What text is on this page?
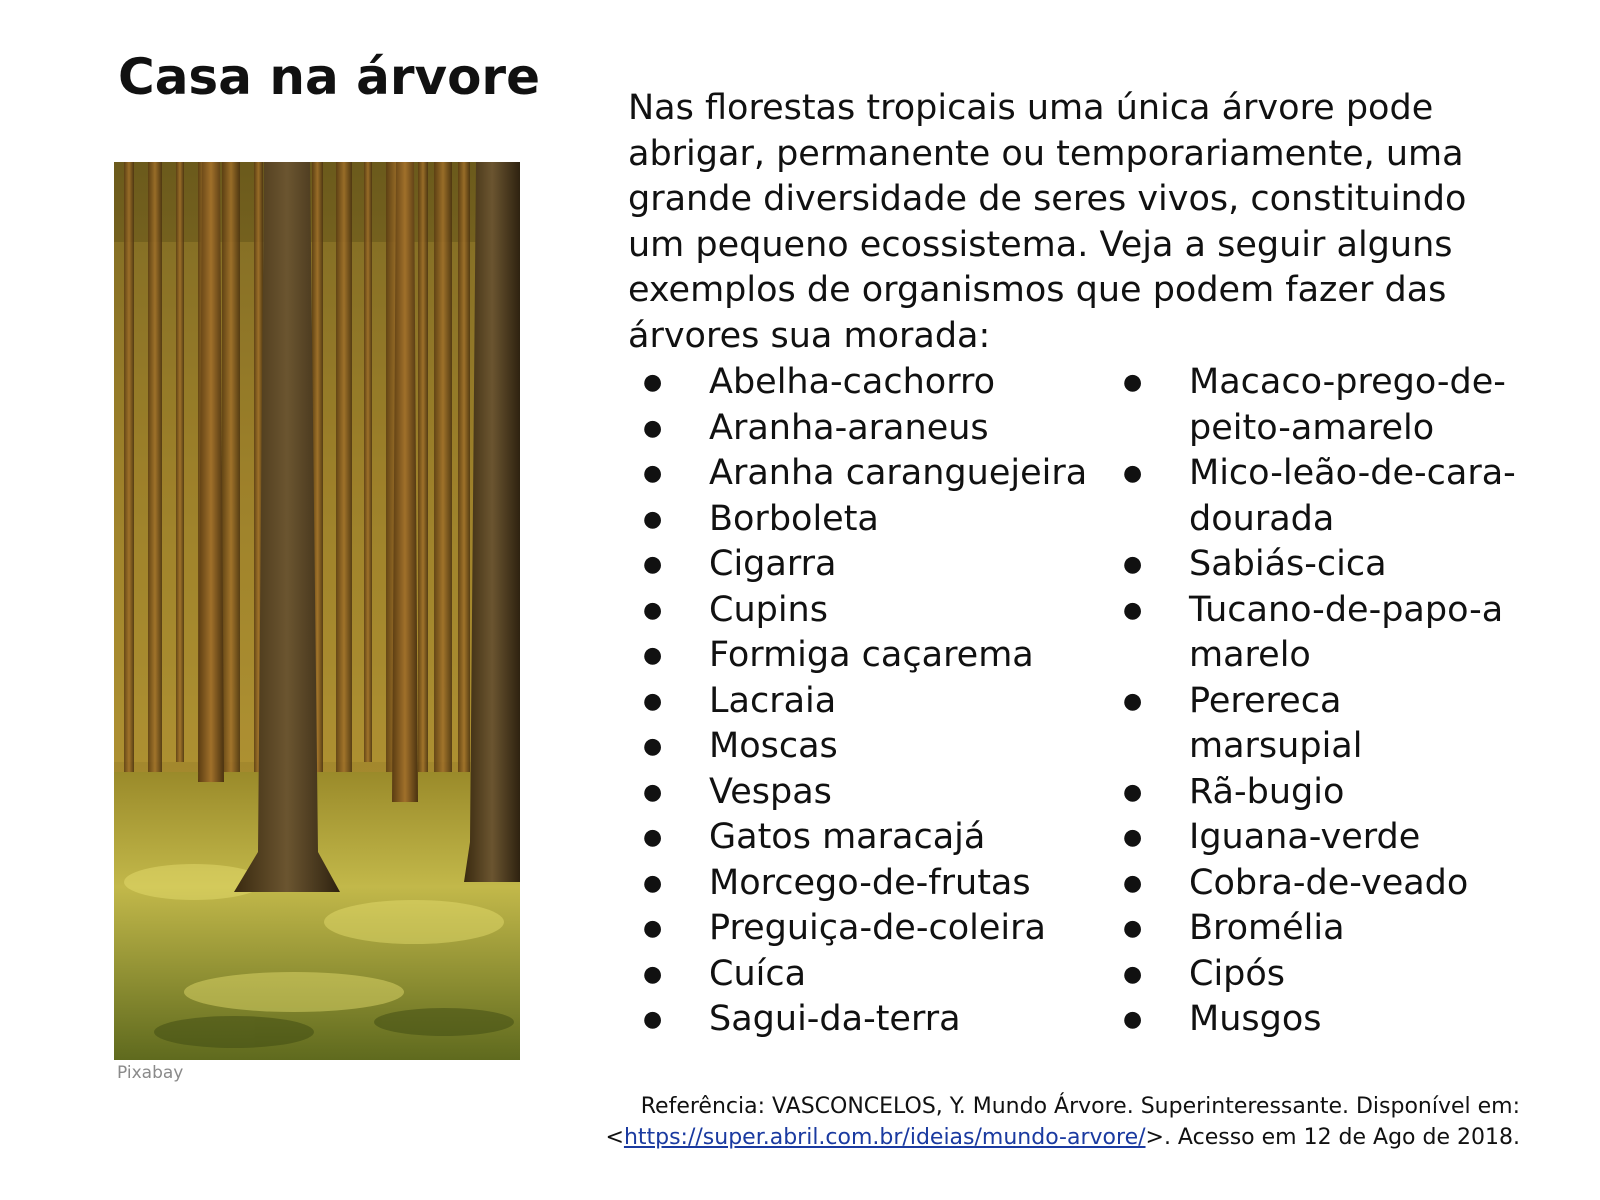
Casa na árvore
Pixabay

Nas florestas tropicais uma única árvore pode
abrigar, permanente ou temporariamente, uma
grande diversidade de seres vivos, constituindo
um pequeno ecossistema. Veja a seguir alguns
exemplos de organismos que podem fazer das
árvores sua morada:

● Abelha-cachorro
● Aranha-araneus
● Aranha caranguejeira
● Borboleta
● Cigarra
● Cupins
● Formiga caçarema
● Lacraia
● Moscas
● Vespas
● Gatos maracajá
● Morcego-de-frutas
● Preguiça-de-coleira
● Cuíca
● Sagui-da-terra
● Macaco-prego-de-
peito-amarelo
● Mico-leão-de-cara-
dourada
● Sabiás-cica
● Tucano-de-papo-a
marelo
● Perereca
marsupial
● Rã-bugio
● Iguana-verde
● Cobra-de-veado
● Bromélia
● Cipós
● Musgos
Referência: VASCONCELOS, Y. Mundo Árvore. Superinteressante. Disponível em:
<https://super.abril.com.br/ideias/mundo-arvore/>. Acesso em 12 de Ago de 2018.
